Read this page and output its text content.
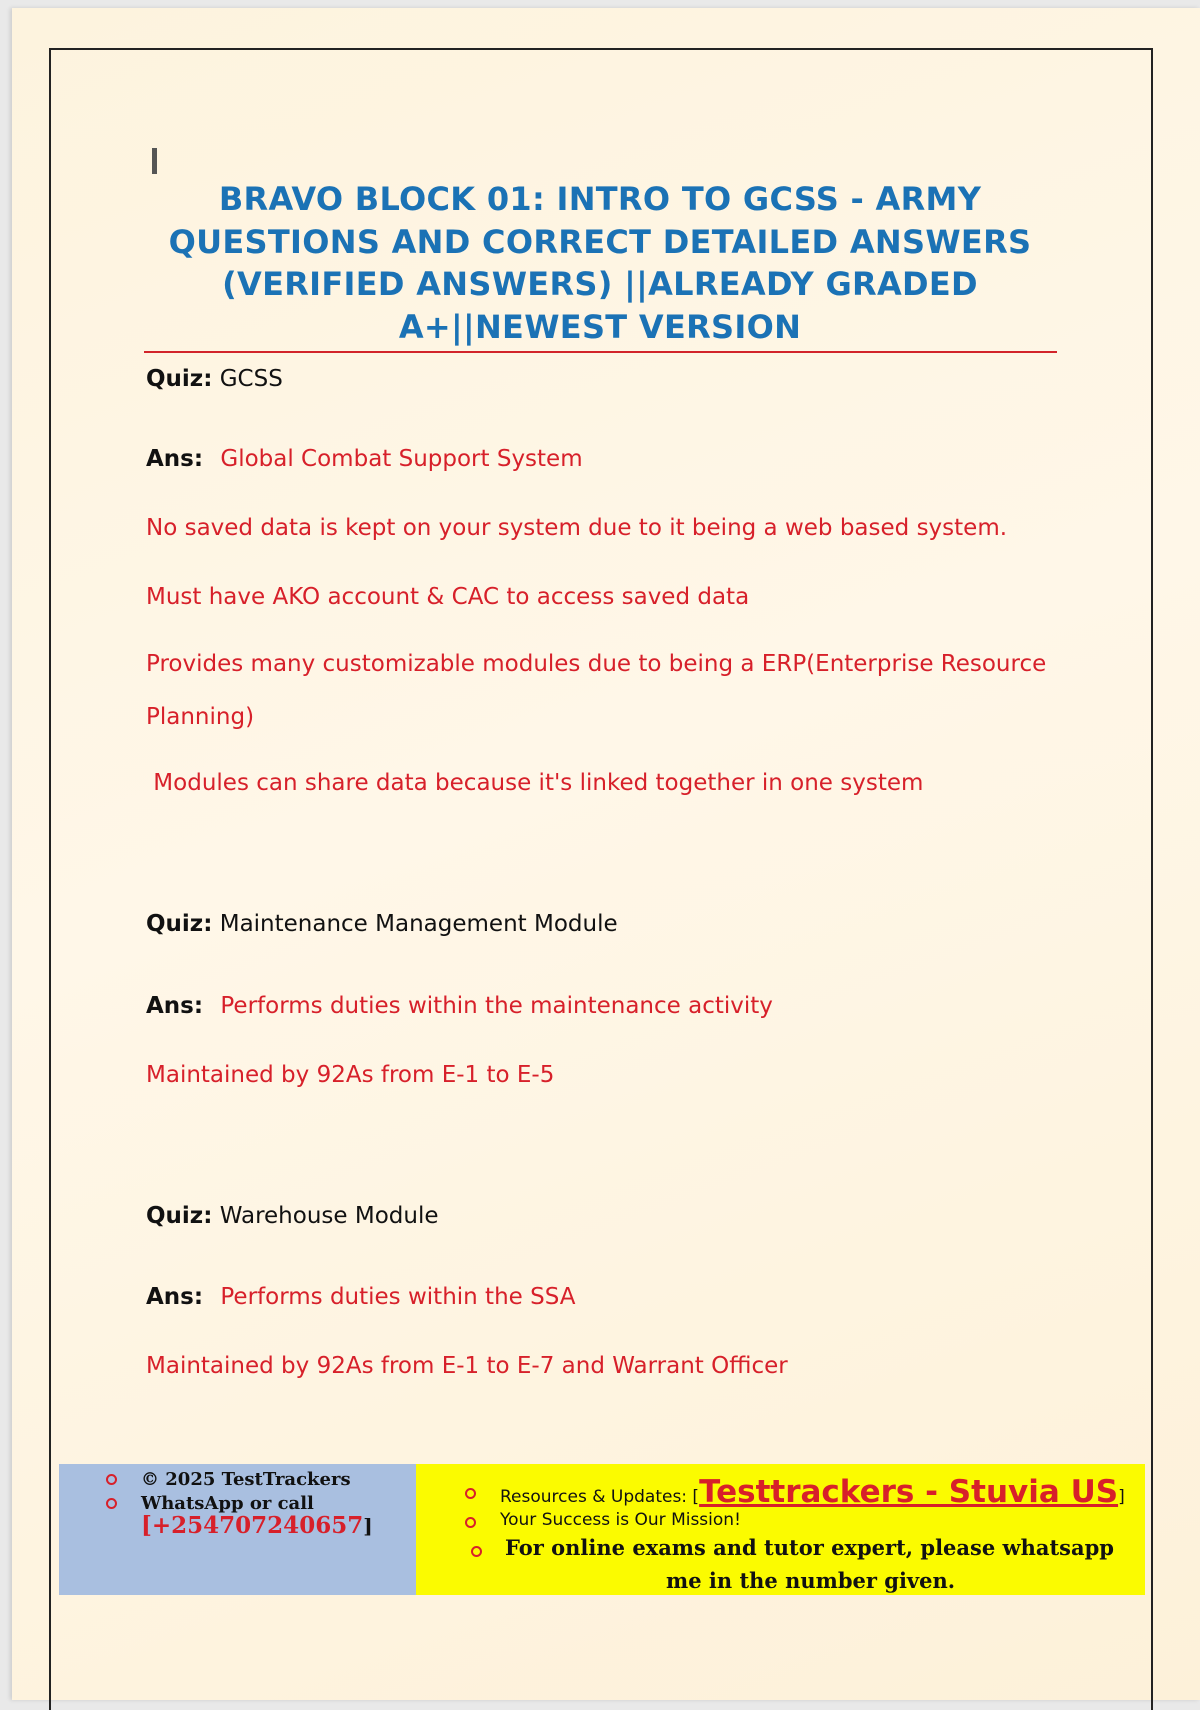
BRAVO BLOCK 01: INTRO TO GCSS - ARMY QUESTIONS AND CORRECT DETAILED ANSWERS (VERIFIED ANSWERS) ||ALREADY GRADED A+||NEWEST VERSION
Quiz: GCSS
Ans: Global Combat Support System
No saved data is kept on your system due to it being a web based system.
Must have AKO account & CAC to access saved data
Provides many customizable modules due to being a ERP(Enterprise Resource
Planning)
Modules can share data because it's linked together in one system
Quiz: Maintenance Management Module
Ans: Performs duties within the maintenance activity
Maintained by 92As from E-1 to E-5
Quiz: Warehouse Module
Ans: Performs duties within the SSA
Maintained by 92As from E-1 to E-7 and Warrant Officer
© 2025 TestTrackers
WhatsApp or call
[+254707240657]
Resources & Updates: [Testtrackers - Stuvia US]
Your Success is Our Mission!
For online exams and tutor expert, please whatsapp
me in the number given.
